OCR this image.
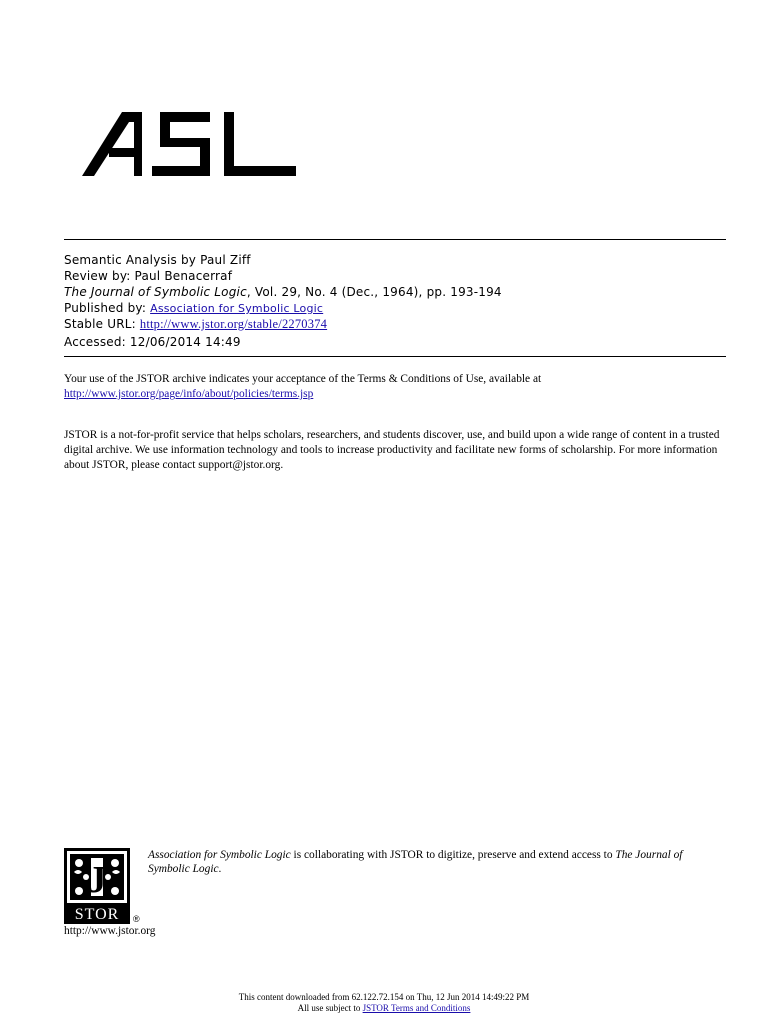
ASL
Semantic Analysis by Paul Ziff
Review by: Paul Benacerraf
The Journal of Symbolic Logic, Vol. 29, No. 4 (Dec., 1964), pp. 193-194
Published by: Association for Symbolic Logic
Stable URL: http://www.jstor.org/stable/2270374
Accessed: 12/06/2014 14:49
Your use of the JSTOR archive indicates your acceptance of the Terms & Conditions of Use, available at
http://www.jstor.org/page/info/about/policies/terms.jsp
JSTOR is a not-for-profit service that helps scholars, researchers, and students discover, use, and build upon a wide range of content in a trusted digital archive. We use information technology and tools to increase productivity and facilitate new forms of scholarship. For more information about JSTOR, please contact support@jstor.org.
J
STOR ®
http://www.jstor.org
Association for Symbolic Logic is collaborating with JSTOR to digitize, preserve and extend access to The Journal of Symbolic Logic.
This content downloaded from 62.122.72.154 on Thu, 12 Jun 2014 14:49:22 PM
All use subject to JSTOR Terms and Conditions
